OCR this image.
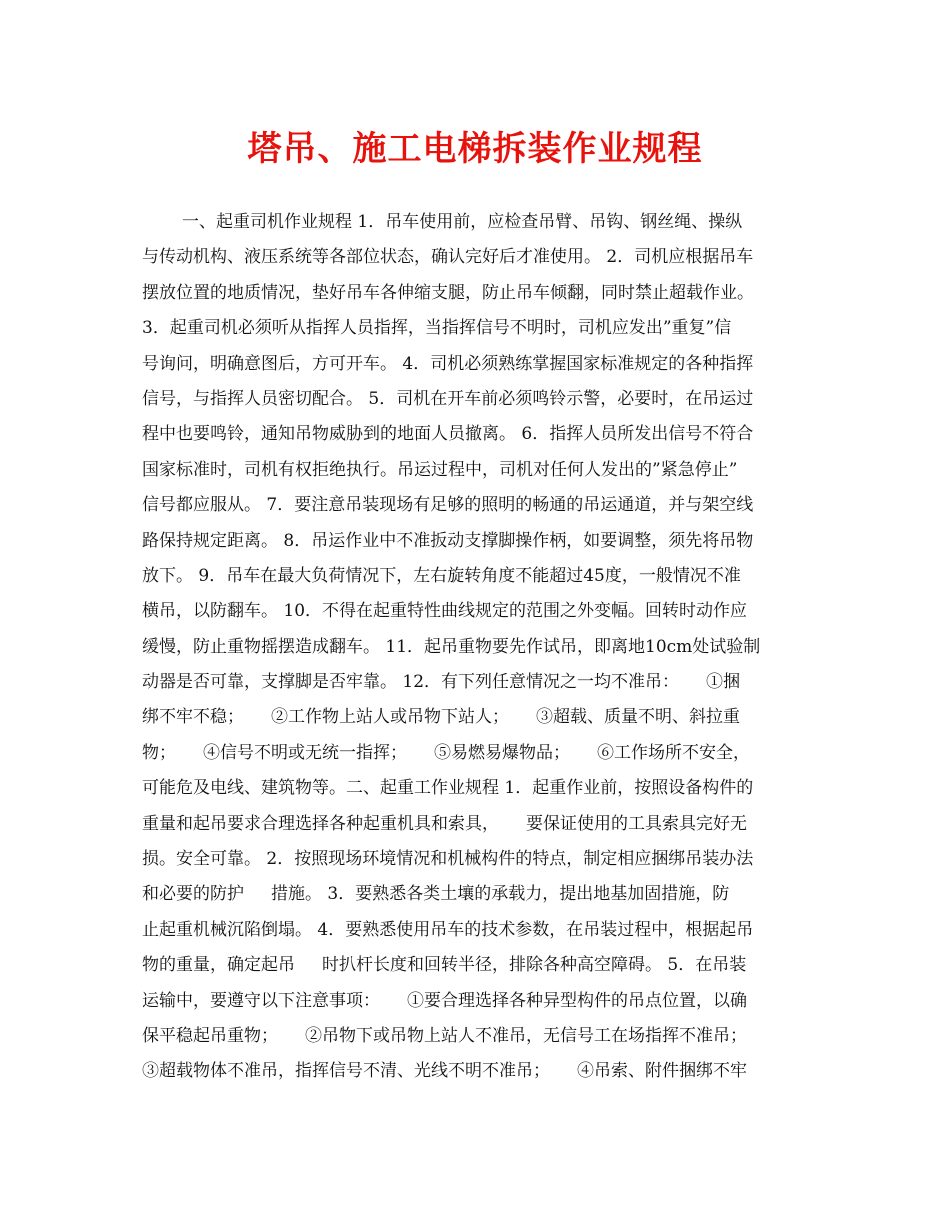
塔吊、施工电梯拆装作业规程
一、起重司机作业规程 1．吊车使用前，应检查吊臂、吊钩、钢丝绳、操纵
与传动机构、液压系统等各部位状态，确认完好后才准使用。 2．司机应根据吊车
摆放位置的地质情况，垫好吊车各伸缩支腿，防止吊车倾翻，同时禁止超载作业。
3．起重司机必须听从指挥人员指挥，当指挥信号不明时，司机应发出”重复”信
号询问，明确意图后，方可开车。 4．司机必须熟练掌握国家标准规定的各种指挥
信号，与指挥人员密切配合。 5．司机在开车前必须鸣铃示警，必要时，在吊运过
程中也要鸣铃，通知吊物威胁到的地面人员撤离。 6．指挥人员所发出信号不符合
国家标准时，司机有权拒绝执行。吊运过程中，司机对任何人发出的”紧急停止”
信号都应服从。 7．要注意吊装现场有足够的照明的畅通的吊运通道，并与架空线
路保持规定距离。 8．吊运作业中不准扳动支撑脚操作柄，如要调整，须先将吊物
放下。 9．吊车在最大负荷情况下，左右旋转角度不能超过45度，一般情况不准
横吊，以防翻车。 10．不得在起重特性曲线规定的范围之外变幅。回转时动作应
缓慢，防止重物摇摆造成翻车。 11．起吊重物要先作试吊，即离地10cm处试验制
动器是否可靠，支撑脚是否牢靠。 12．有下列任意情况之一均不准吊：     ①捆
绑不牢不稳；     ②工作物上站人或吊物下站人；     ③超载、质量不明、斜拉重
物；     ④信号不明或无统一指挥；     ⑤易燃易爆物品；     ⑥工作场所不安全，
可能危及电线、建筑物等。二、起重工作业规程 1．起重作业前，按照设备构件的
重量和起吊要求合理选择各种起重机具和索具，     要保证使用的工具索具完好无
损。安全可靠。 2．按照现场环境情况和机械构件的特点，制定相应捆绑吊装办法
和必要的防护     措施。 3．要熟悉各类土壤的承载力，提出地基加固措施，防
止起重机械沉陷倒塌。 4．要熟悉使用吊车的技术参数，在吊装过程中，根据起吊
物的重量，确定起吊     时扒杆长度和回转半径，排除各种高空障碍。 5．在吊装
运输中，要遵守以下注意事项：     ①要合理选择各种异型构件的吊点位置，以确
保平稳起吊重物；     ②吊物下或吊物上站人不准吊，无信号工在场指挥不准吊；
③超载物体不准吊，指挥信号不清、光线不明不准吊；     ④吊索、附件捆绑不牢
